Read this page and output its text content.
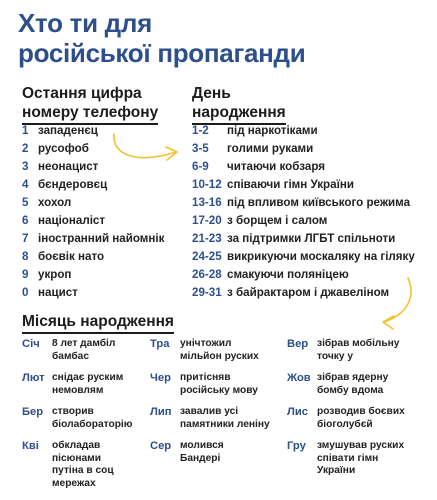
Хто ти для
російської пропаганди
Остання цифра
номеру телефону
День
народження
1 западенєц
2 русофоб
3 неонацист
4 бєндеровєц
5 хохол
6 націоналіст
7 іностранний найомнік
8 боєвік нато
9 укроп
0 нацист
1-2	під наркотіками
3-5	голими руками
6-9	читаючи кобзаря
10-12 співаючи гімн України
13-16 під впливом київського режима
17-20 з борщем і салом
21-23 за підтримки ЛГБТ спільноти
24-25 викрикуючи москаляку на гіляку
26-28 смакуючи поляніцею
29-31 з байрактаром і джавеліном
Місяць народження
Січ	8 лет дамбіл
бамбас
Тра	унічтожил
мільйон руских
Вер зібрав мобільну
точку у
Лют снідає руским
немовлям
Чер притісняв
російську мову
Жов зібрав ядерну
бомбу вдома
Бер створив
біолабораторію
Лип завалив усі
памятники леніну
Лис розводив боєвих
біоголубєй
Кві	обкладав
пісюнами
путіна в соц
мережах
Сер молився
Бандері
Гру	змушував руских
співати гімн
України
